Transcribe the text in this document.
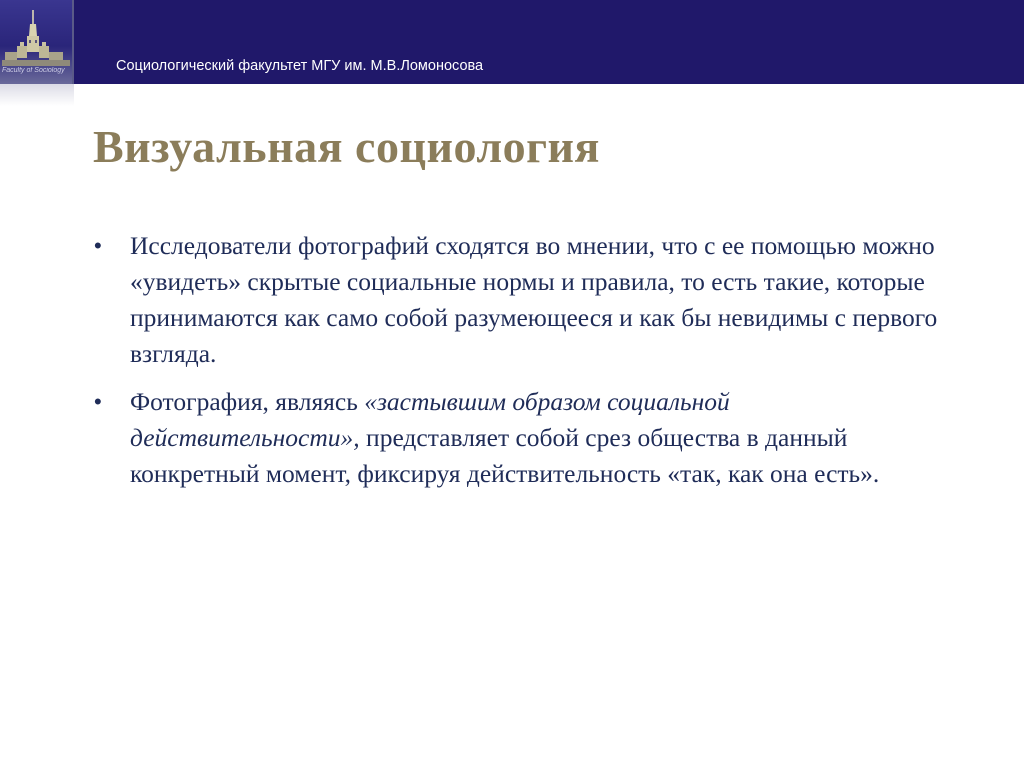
Faculty of Sociology	Социологический факультет МГУ им. М.В.Ломоносова
Визуальная социология
• Исследователи фотографий сходятся во мнении, что с ее помощью можно «увидеть» скрытые социальные нормы и правила, то есть такие, которые принимаются как само собой разумеющееся и как бы невидимы с первого взгляда.
• Фотография, являясь «застывшим образом социальной действительности», представляет собой срез общества в данный конкретный момент, фиксируя действительность «так, как она есть».
